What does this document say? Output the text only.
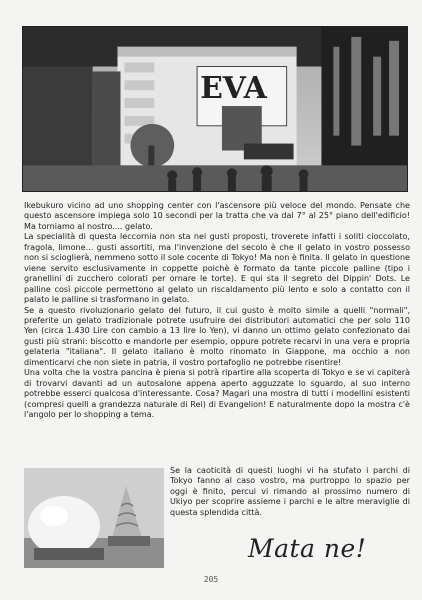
EVA

Ikebukuro vicino ad uno shopping center con l'ascensore più veloce del mondo. Pensate che questo ascensore impiega solo 10 secondi per la tratta che va dal 7° al 25° piano dell'edificio! Ma torniamo al nostro.... gelato.

La specialità di questa leccornia non sta nei gusti proposti, troverete infatti i soliti cioccolato, fragola, limone... gusti assortiti, ma l'invenzione del secolo è che il gelato in vostro possesso non si scioglierà, nemmeno sotto il sole cocente di Tokyo! Ma non è finita. Il gelato in questione viene servito esclusivamente in coppette poichè è formato da tante piccole palline (tipo i granellini di zucchero colorati per ornare le torte). E qui sta il segreto del Dippin' Dots. Le palline così piccole permettono al gelato un riscaldamento più lento e solo a contatto con il palato le palline si trasformano in gelato.

Se a questo rivoluzionario gelato del futuro, il cui gusto è molto simile a quelli "normali", preferite un gelato tradizionale potrete usufruire dei distributori automatici che per solo 110 Yen (circa 1.430 Lire con cambio a 13 lire lo Yen), vi danno un ottimo gelato confezionato dai gusti più strani: biscotto e mandorle per esempio, oppure potrete recarvi in una vera e propria gelateria "italiana". Il gelato italiano è molto rinomato in Giappone, ma occhio a non dimenticarvi che non siete in patria, il vostro portafoglio ne potrebbe risentire!

Una volta che la vostra pancina è piena si potrà ripartire alla scoperta di Tokyo e se vi capiterà di trovarvi davanti ad un autosalone appena aperto agguzzate lo sguardo, al suo interno potrebbe esserci qualcosa d'interessante. Cosa? Magari una mostra di tutti i modellini esistenti (compresi quelli a grandezza naturale di Rei) di Evangelion! E naturalmente dopo la mostra c'è l'angolo per lo shopping a tema.

Se la caoticità di questi luoghi vi ha stufato i parchi di Tokyo fanno al caso vostro, ma purtroppo lo spazio per oggi è finito, percui vi rimando al prossimo numero di Ukiyo per scoprire assieme i parchi e le altre meraviglie di questa splendida città.

Mata ne!
205
